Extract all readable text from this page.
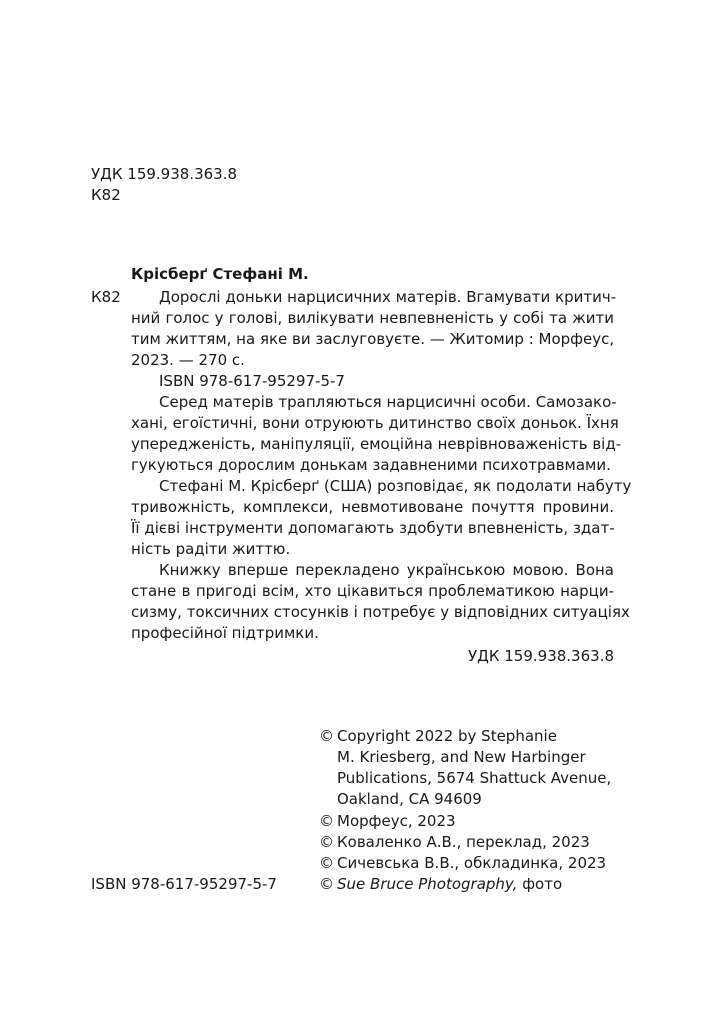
УДК 159.938.363.8
К82
Крісберґ Стефані М.
К82	Дорослі доньки нарцисичних матерів. Вгамувати критич-
ний голос у голові, вилікувати невпевненість у собі та жити
тим життям, на яке ви заслуговуєте. — Житомир : Морфеус,
2023. — 270 с.
ISBN 978-617-95297-5-7
Серед матерів трапляються нарцисичні особи. Самозако-
хані, егоїстичні, вони отруюють дитинство своїх доньок. Їхня
упередженість, маніпуляції, емоційна неврівноваженість від-
гукуються дорослим донькам задавненими психотравмами.
Стефані М. Крісберґ (США) розповідає, як подолати набуту
тривожність, комплекси, невмотивоване почуття провини.
Її дієві інструменти допомагають здобути впевненість, здат-
ність радіти життю.
Книжку вперше перекладено українською мовою. Вона
стане в пригоді всім, хто цікавиться проблематикою нарци-
сизму, токсичних стосунків і потребує у відповідних ситуаціях
професійної підтримки.
УДК 159.938.363.8
© Copyright 2022 by Stephanie
M. Kriesberg, and New Harbinger
Publications, 5674 Shattuck Avenue,
Oakland, CA 94609
© Морфеус, 2023
© Коваленко А.В., переклад, 2023
© Сичевська В.В., обкладинка, 2023
© Sue Bruce Photography, фото
ISBN 978-617-95297-5-7
